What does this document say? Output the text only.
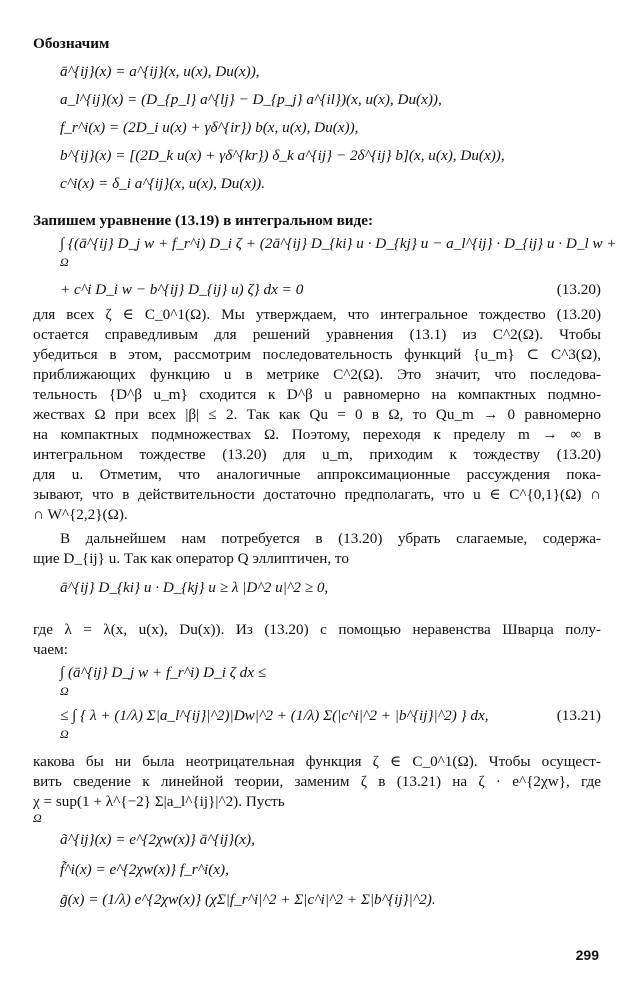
Обозначим
ā^{ij}(x) = a^{ij}(x, u(x), Du(x)),
a_l^{ij}(x) = (D_{p_l} a^{lj} − D_{p_j} a^{il})(x, u(x), Du(x)),
f_r^i(x) = (2D_i u(x) + γδ^{ir}) b(x, u(x), Du(x)),
b^{ij}(x) = [(2D_k u(x) + γδ^{kr}) δ_k a^{ij} − 2δ^{ij} b](x, u(x), Du(x)),
c^i(x) = δ_i a^{ij}(x, u(x), Du(x)).
Запишем уравнение (13.19) в интегральном виде:
∫ {(ā^{ij} D_j w + f_r^i) D_i ζ + (2ā^{ij} D_{ki} u · D_{kj} u − a_l^{ij} · D_{ij} u · D_l w +
Ω
+ c^i D_i w − b^{ij} D_{ij} u) ζ} dx = 0	(13.20)
для всех ζ ∈ C_0^1(Ω). Мы утверждаем, что интегральное тождество (13.20)
остается справедливым для решений уравнения (13.1) из C^2(Ω). Чтобы
убедиться в этом, рассмотрим последовательность функций {u_m} ⊂ C^3(Ω),
приближающих функцию u в метрике C^2(Ω). Это значит, что последова-
тельность {D^β u_m} сходится к D^β u равномерно на компактных подмно-
жествах Ω при всех |β| ≤ 2. Так как Qu = 0 в Ω, то Qu_m → 0 равномерно
на компактных подмножествах Ω. Поэтому, переходя к пределу m → ∞ в
интегральном тождестве (13.20) для u_m, приходим к тождеству (13.20)
для u. Отметим, что аналогичные аппроксимационные рассуждения пока-
зывают, что в действительности достаточно предполагать, что u ∈ C^{0,1}(Ω) ∩
∩ W^{2,2}(Ω).
В дальнейшем нам потребуется в (13.20) убрать слагаемые, содержа-
щие D_{ij} u. Так как оператор Q эллиптичен, то
ā^{ij} D_{ki} u · D_{kj} u ≥ λ |D^2 u|^2 ≥ 0,
где λ = λ(x, u(x), Du(x)). Из (13.20) с помощью неравенства Шварца полу-
чаем:
∫ (ā^{ij} D_j w + f_r^i) D_i ζ dx ≤
Ω
≤ ∫ { λ + (1/λ) Σ|a_l^{ij}|^2)|Dw|^2 + (1/λ) Σ(|c^i|^2 + |b^{ij}|^2) } dx,
Ω
(13.21)
какова бы ни была неотрицательная функция ζ ∈ C_0^1(Ω). Чтобы осущест-
вить сведение к линейной теории, заменим ζ в (13.21) на ζ · e^{2χw}, где
χ = sup(1 + λ^{−2} Σ|a_l^{ij}|^2). Пусть
Ω
ã^{ij}(x) = e^{2χw(x)} ā^{ij}(x),
f̃^i(x) = e^{2χw(x)} f_r^i(x),
g̃(x) = (1/λ) e^{2χw(x)} (χΣ|f_r^i|^2 + Σ|c^i|^2 + Σ|b^{ij}|^2).
299
